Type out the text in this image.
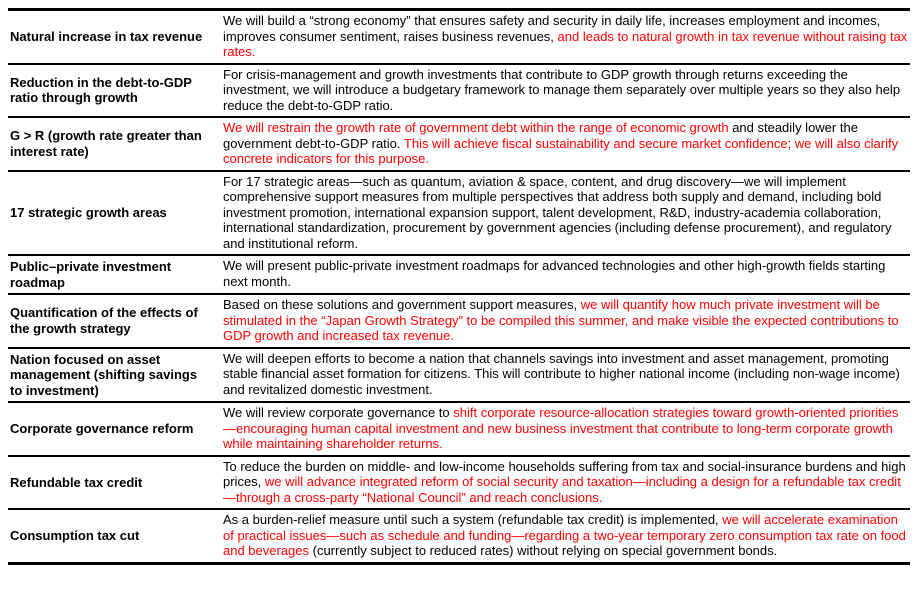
Natural increase in tax revenue	We will build a “strong economy” that ensures safety and security in daily life, increases employment and incomes, improves consumer sentiment, raises business revenues, and leads to natural growth in tax revenue without raising tax rates.
Reduction in the debt-to-GDP ratio through growth	For crisis-management and growth investments that contribute to GDP growth through returns exceeding the investment, we will introduce a budgetary framework to manage them separately over multiple years so they also help reduce the debt-to-GDP ratio.
G > R (growth rate greater than interest rate)	We will restrain the growth rate of government debt within the range of economic growth and steadily lower the government debt-to-GDP ratio. This will achieve fiscal sustainability and secure market confidence; we will also clarify concrete indicators for this purpose.
17 strategic growth areas	For 17 strategic areas—such as quantum, aviation & space, content, and drug discovery—we will implement comprehensive support measures from multiple perspectives that address both supply and demand, including bold investment promotion, international expansion support, talent development, R&D, industry-academia collaboration, international standardization, procurement by government agencies (including defense procurement), and regulatory and institutional reform.
Public–private investment roadmap	We will present public-private investment roadmaps for advanced technologies and other high-growth fields starting next month.
Quantification of the effects of the growth strategy	Based on these solutions and government support measures, we will quantify how much private investment will be stimulated in the “Japan Growth Strategy” to be compiled this summer, and make visible the expected contributions to GDP growth and increased tax revenue.
Nation focused on asset management (shifting savings to investment)	We will deepen efforts to become a nation that channels savings into investment and asset management, promoting stable financial asset formation for citizens. This will contribute to higher national income (including non-wage income) and revitalized domestic investment.
Corporate governance reform	We will review corporate governance to shift corporate resource-allocation strategies toward growth-oriented priorities—encouraging human capital investment and new business investment that contribute to long-term corporate growth while maintaining shareholder returns.
Refundable tax credit	To reduce the burden on middle- and low-income households suffering from tax and social-insurance burdens and high prices, we will advance integrated reform of social security and taxation—including a design for a refundable tax credit—through a cross-party “National Council” and reach conclusions.
Consumption tax cut	As a burden-relief measure until such a system (refundable tax credit) is implemented, we will accelerate examination of practical issues—such as schedule and funding—regarding a two-year temporary zero consumption tax rate on food and beverages (currently subject to reduced rates) without relying on special government bonds.
